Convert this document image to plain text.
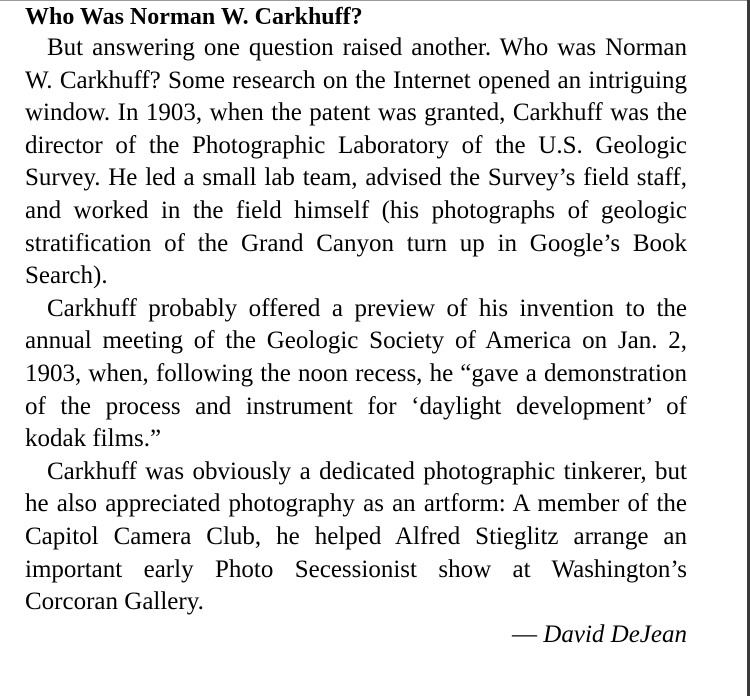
Who Was Norman W. Carkhuff?

But answering one question raised another. Who was Norman W. Carkhuff? Some research on the Internet opened an intriguing window. In 1903, when the patent was granted, Carkhuff was the director of the Photographic Laboratory of the U.S. Geologic Survey. He led a small lab team, advised the Survey’s field staff, and worked in the field himself (his photographs of geologic stratification of the Grand Canyon turn up in Google’s Book Search).

Carkhuff probably offered a preview of his invention to the annual meeting of the Geologic Society of America on Jan. 2, 1903, when, following the noon recess, he “gave a demonstration of the process and instrument for ‘daylight development’ of kodak films.”

Carkhuff was obviously a dedicated photographic tinkerer, but he also appreciated photography as an artform: A member of the Capitol Camera Club, he helped Alfred Stieglitz arrange an important early Photo Secessionist show at Washington’s Corcoran Gallery.

— David DeJean
